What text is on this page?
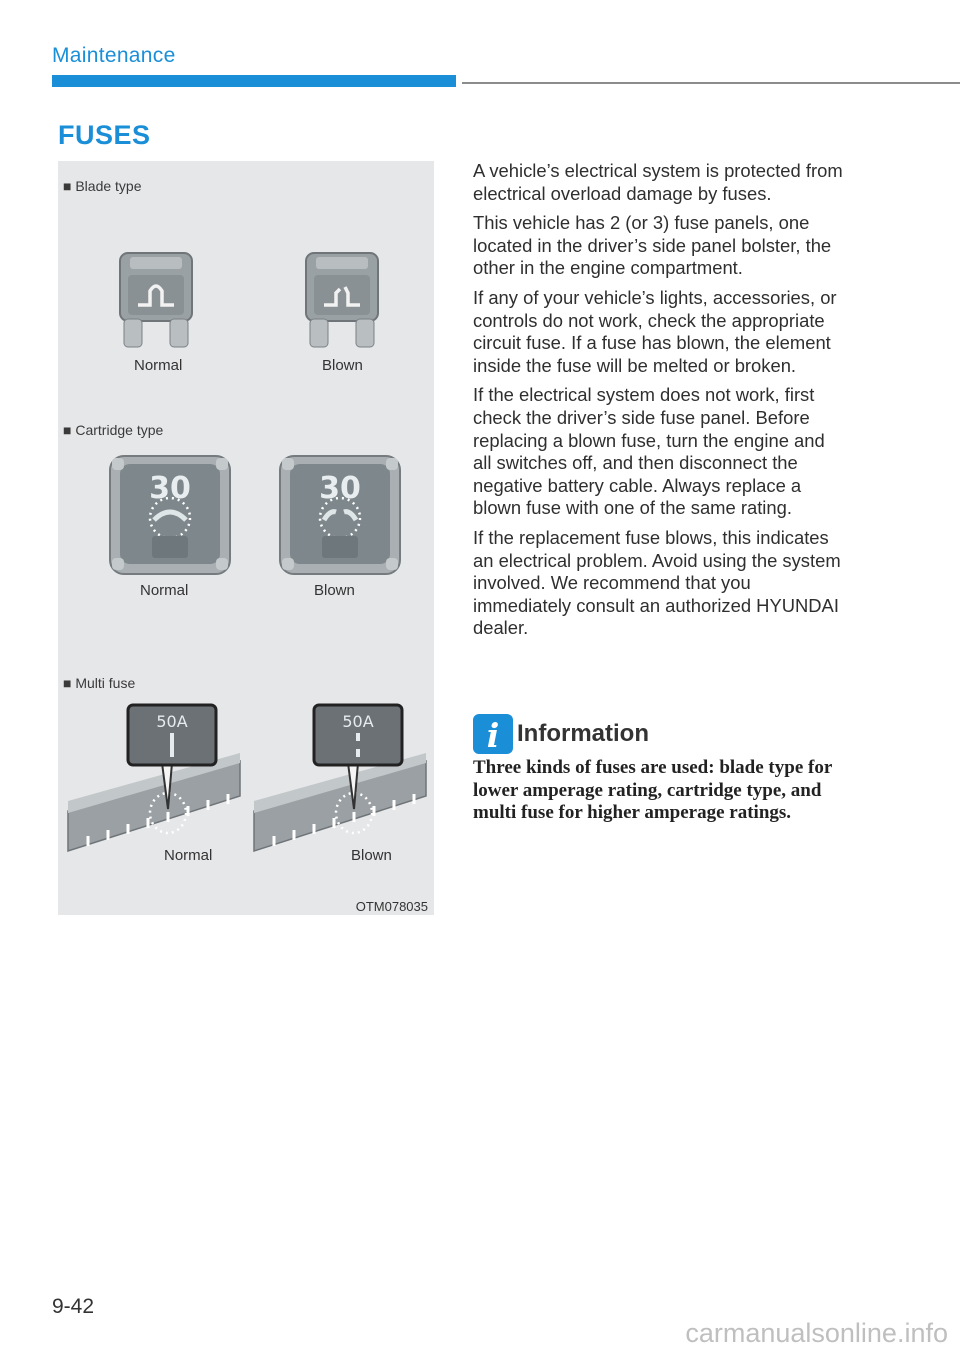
Maintenance
FUSES
■ Blade type
Normal	Blown
■ Cartridge type
30	30
Normal	Blown
■ Multi fuse
50A	50A
Normal	Blown
OTM078035

A vehicle’s electrical system is protected from electrical overload damage by fuses.

This vehicle has 2 (or 3) fuse panels, one located in the driver’s side panel bolster, the other in the engine compartment.

If any of your vehicle’s lights, accessories, or controls do not work, check the appropriate circuit fuse. If a fuse has blown, the element inside the fuse will be melted or broken.

If the electrical system does not work, first check the driver’s side fuse panel. Before replacing a blown fuse, turn the engine and all switches off, and then disconnect the negative battery cable. Always replace a blown fuse with one of the same rating.

If the replacement fuse blows, this indicates an electrical problem. Avoid using the system involved. We recommend that you immediately consult an authorized HYUNDAI dealer.

i Information
Three kinds of fuses are used: blade type for lower amperage rating, cartridge type, and multi fuse for higher amperage ratings.
9-42
carmanualsonline.info
